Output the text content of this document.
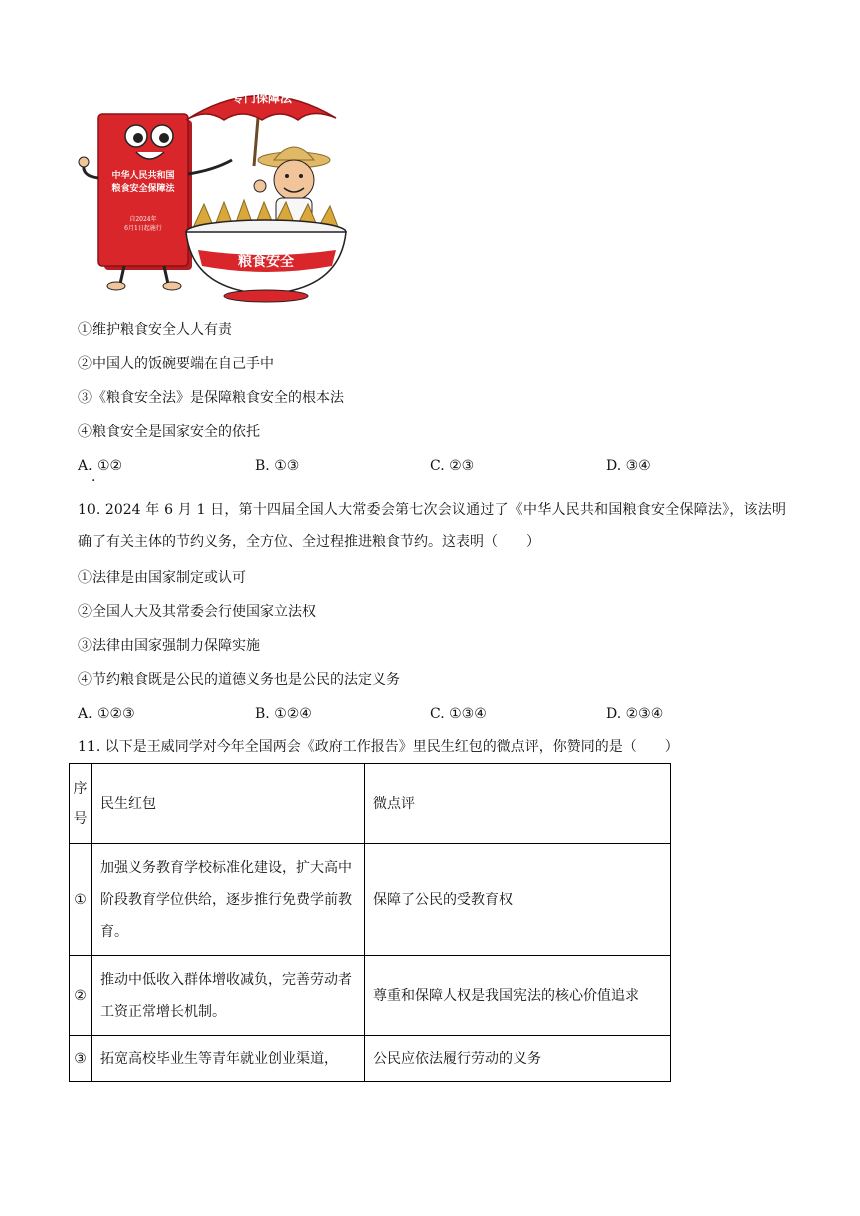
中华人民共和国
粮食安全保障法
自2024年
6月1日起施行
专门保障法
粮食安全
①维护粮食安全人人有责
②中国人的饭碗要端在自己手中
③《粮食安全法》是保障粮食安全的根本法
④粮食安全是国家安全的依托
A. ①②	B. ①③	C. ②③	D. ③④
·
10. 2024 年 6 月 1 日，第十四届全国人大常委会第七次会议通过了《中华人民共和国粮食安全保障法》，该法明确了有关主体的节约义务，全方位、全过程推进粮食节约。这表明（　　）
①法律是由国家制定或认可
②全国人大及其常委会行使国家立法权
③法律由国家强制力保障实施
④节约粮食既是公民的道德义务也是公民的法定义务
A. ①②③	B. ①②④	C. ①③④	D. ②③④
11. 以下是王威同学对今年全国两会《政府工作报告》里民生红包的微点评，你赞同的是（　　）
序号	民生红包	微点评
①	加强义务教育学校标准化建设，扩大高中阶段教育学位供给，逐步推行免费学前教育。	保障了公民的受教育权
②	推动中低收入群体增收减负，完善劳动者工资正常增长机制。	尊重和保障人权是我国宪法的核心价值追求
③	拓宽高校毕业生等青年就业创业渠道，	公民应依法履行劳动的义务
